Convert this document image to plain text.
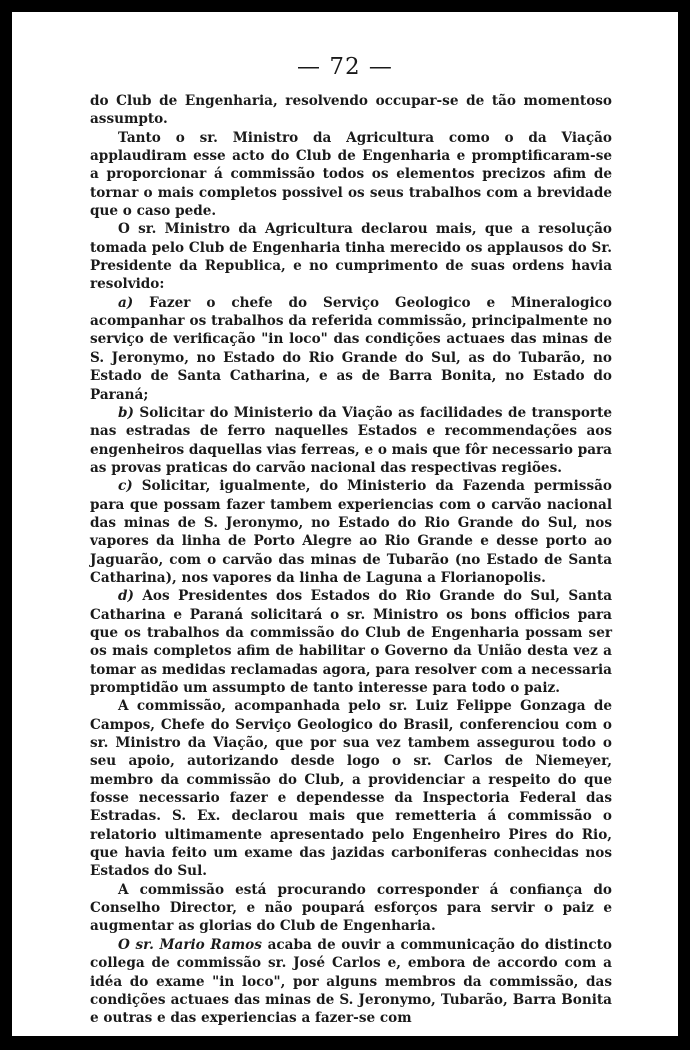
— 72 —

do Club de Engenharia, resolvendo occupar-se de tão momentoso assumpto.

Tanto o sr. Ministro da Agricultura como o da Viação applaudiram esse acto do Club de Engenharia e promptificaram-se a proporcionar á commissão todos os elementos precizos afim de tornar o mais completos possivel os seus trabalhos com a brevidade que o caso pede.

O sr. Ministro da Agricultura declarou mais, que a resolução tomada pelo Club de Engenharia tinha merecido os applausos do Sr. Presidente da Republica, e no cumprimento de suas ordens havia resolvido:

a) Fazer o chefe do Serviço Geologico e Mineralogico acompanhar os trabalhos da referida commissão, principalmente no serviço de verificação "in loco" das condições actuaes das minas de S. Jeronymo, no Estado do Rio Grande do Sul, as do Tubarão, no Estado de Santa Catharina, e as de Barra Bonita, no Estado do Paraná;

b) Solicitar do Ministerio da Viação as facilidades de transporte nas estradas de ferro naquelles Estados e recommendações aos engenheiros daquellas vias ferreas, e o mais que fôr necessario para as provas praticas do carvão nacional das respectivas regiões.

c) Solicitar, igualmente, do Ministerio da Fazenda permissão para que possam fazer tambem experiencias com o carvão nacional das minas de S. Jeronymo, no Estado do Rio Grande do Sul, nos vapores da linha de Porto Alegre ao Rio Grande e desse porto ao Jaguarão, com o carvão das minas de Tubarão (no Estado de Santa Catharina), nos vapores da linha de Laguna a Florianopolis.

d) Aos Presidentes dos Estados do Rio Grande do Sul, Santa Catharina e Paraná solicitará o sr. Ministro os bons officios para que os trabalhos da commissão do Club de Engenharia possam ser os mais completos afim de habilitar o Governo da União desta vez a tomar as medidas reclamadas agora, para resolver com a necessaria promptidão um assumpto de tanto interesse para todo o paiz.

A commissão, acompanhada pelo sr. Luiz Felippe Gonzaga de Campos, Chefe do Serviço Geologico do Brasil, conferenciou com o sr. Ministro da Viação, que por sua vez tambem assegurou todo o seu apoio, autorizando desde logo o sr. Carlos de Niemeyer, membro da commissão do Club, a providenciar a respeito do que fosse necessario fazer e dependesse da Inspectoria Federal das Estradas. S. Ex. declarou mais que remetteria á commissão o relatorio ultimamente apresentado pelo Engenheiro Pires do Rio, que havia feito um exame das jazidas carboniferas conhecidas nos Estados do Sul.

A commissão está procurando corresponder á confiança do Conselho Director, e não poupará esforços para servir o paiz e augmentar as glorias do Club de Engenharia.

O sr. Mario Ramos acaba de ouvir a communicação do distincto collega de commissão sr. José Carlos e, embora de accordo com a idéa do exame "in loco", por alguns membros da commissão, das condições actuaes das minas de S. Jeronymo, Tubarão, Barra Bonita e outras e das experiencias a fazer-se com
